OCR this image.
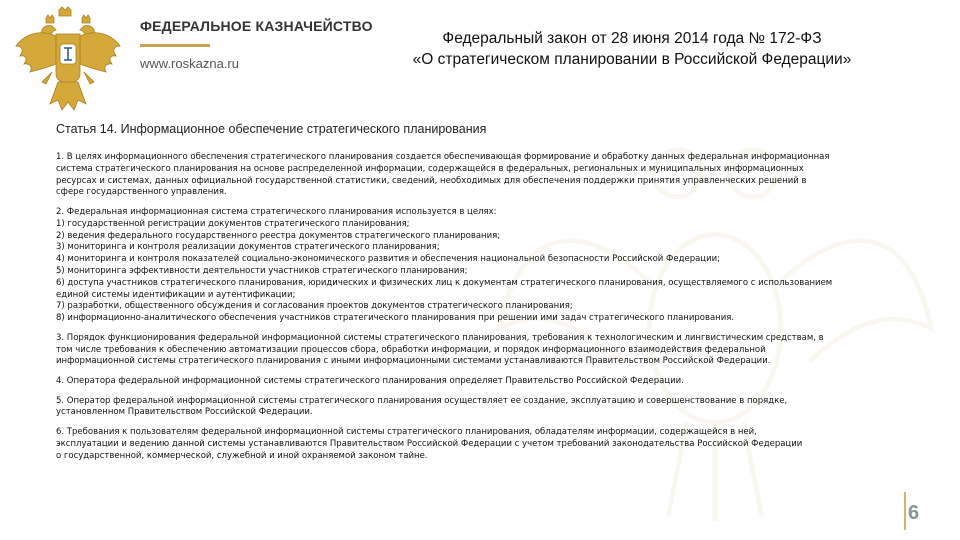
ФЕДЕРАЛЬНОЕ КАЗНАЧЕЙСТВО
www.roskazna.ru
Федеральный закон от 28 июня 2014 года № 172-ФЗ
«О стратегическом планировании в Российской Федерации»
Статья 14. Информационное обеспечение стратегического планирования

1. В целях информационного обеспечения стратегического планирования создается обеспечивающая формирование и обработку данных федеральная информационная
система стратегического планирования на основе распределенной информации, содержащейся в федеральных, региональных и муниципальных информационных
ресурсах и системах, данных официальной государственной статистики, сведений, необходимых для обеспечения поддержки принятия управленческих решений в
сфере государственного управления.

2. Федеральная информационная система стратегического планирования используется в целях:
1) государственной регистрации документов стратегического планирования;
2) ведения федерального государственного реестра документов стратегического планирования;
3) мониторинга и контроля реализации документов стратегического планирования;
4) мониторинга и контроля показателей социально-экономического развития и обеспечения национальной безопасности Российской Федерации;
5) мониторинга эффективности деятельности участников стратегического планирования;
6) доступа участников стратегического планирования, юридических и физических лиц к документам стратегического планирования, осуществляемого с использованием
единой системы идентификации и аутентификации;
7) разработки, общественного обсуждения и согласования проектов документов стратегического планирования;
8) информационно-аналитического обеспечения участников стратегического планирования при решении ими задач стратегического планирования.

3. Порядок функционирования федеральной информационной системы стратегического планирования, требования к технологическим и лингвистическим средствам, в
том числе требования к обеспечению автоматизации процессов сбора, обработки информации, и порядок информационного взаимодействия федеральной
информационной системы стратегического планирования с иными информационными системами устанавливаются Правительством Российской Федерации.

4. Оператора федеральной информационной системы стратегического планирования определяет Правительство Российской Федерации.

5. Оператор федеральной информационной системы стратегического планирования осуществляет ее создание, эксплуатацию и совершенствование в порядке,
установленном Правительством Российской Федерации.

6. Требования к пользователям федеральной информационной системы стратегического планирования, обладателям информации, содержащейся в ней,
эксплуатации и ведению данной системы устанавливаются Правительством Российской Федерации с учетом требований законодательства Российской Федерации
о государственной, коммерческой, служебной и иной охраняемой законом тайне.

6
